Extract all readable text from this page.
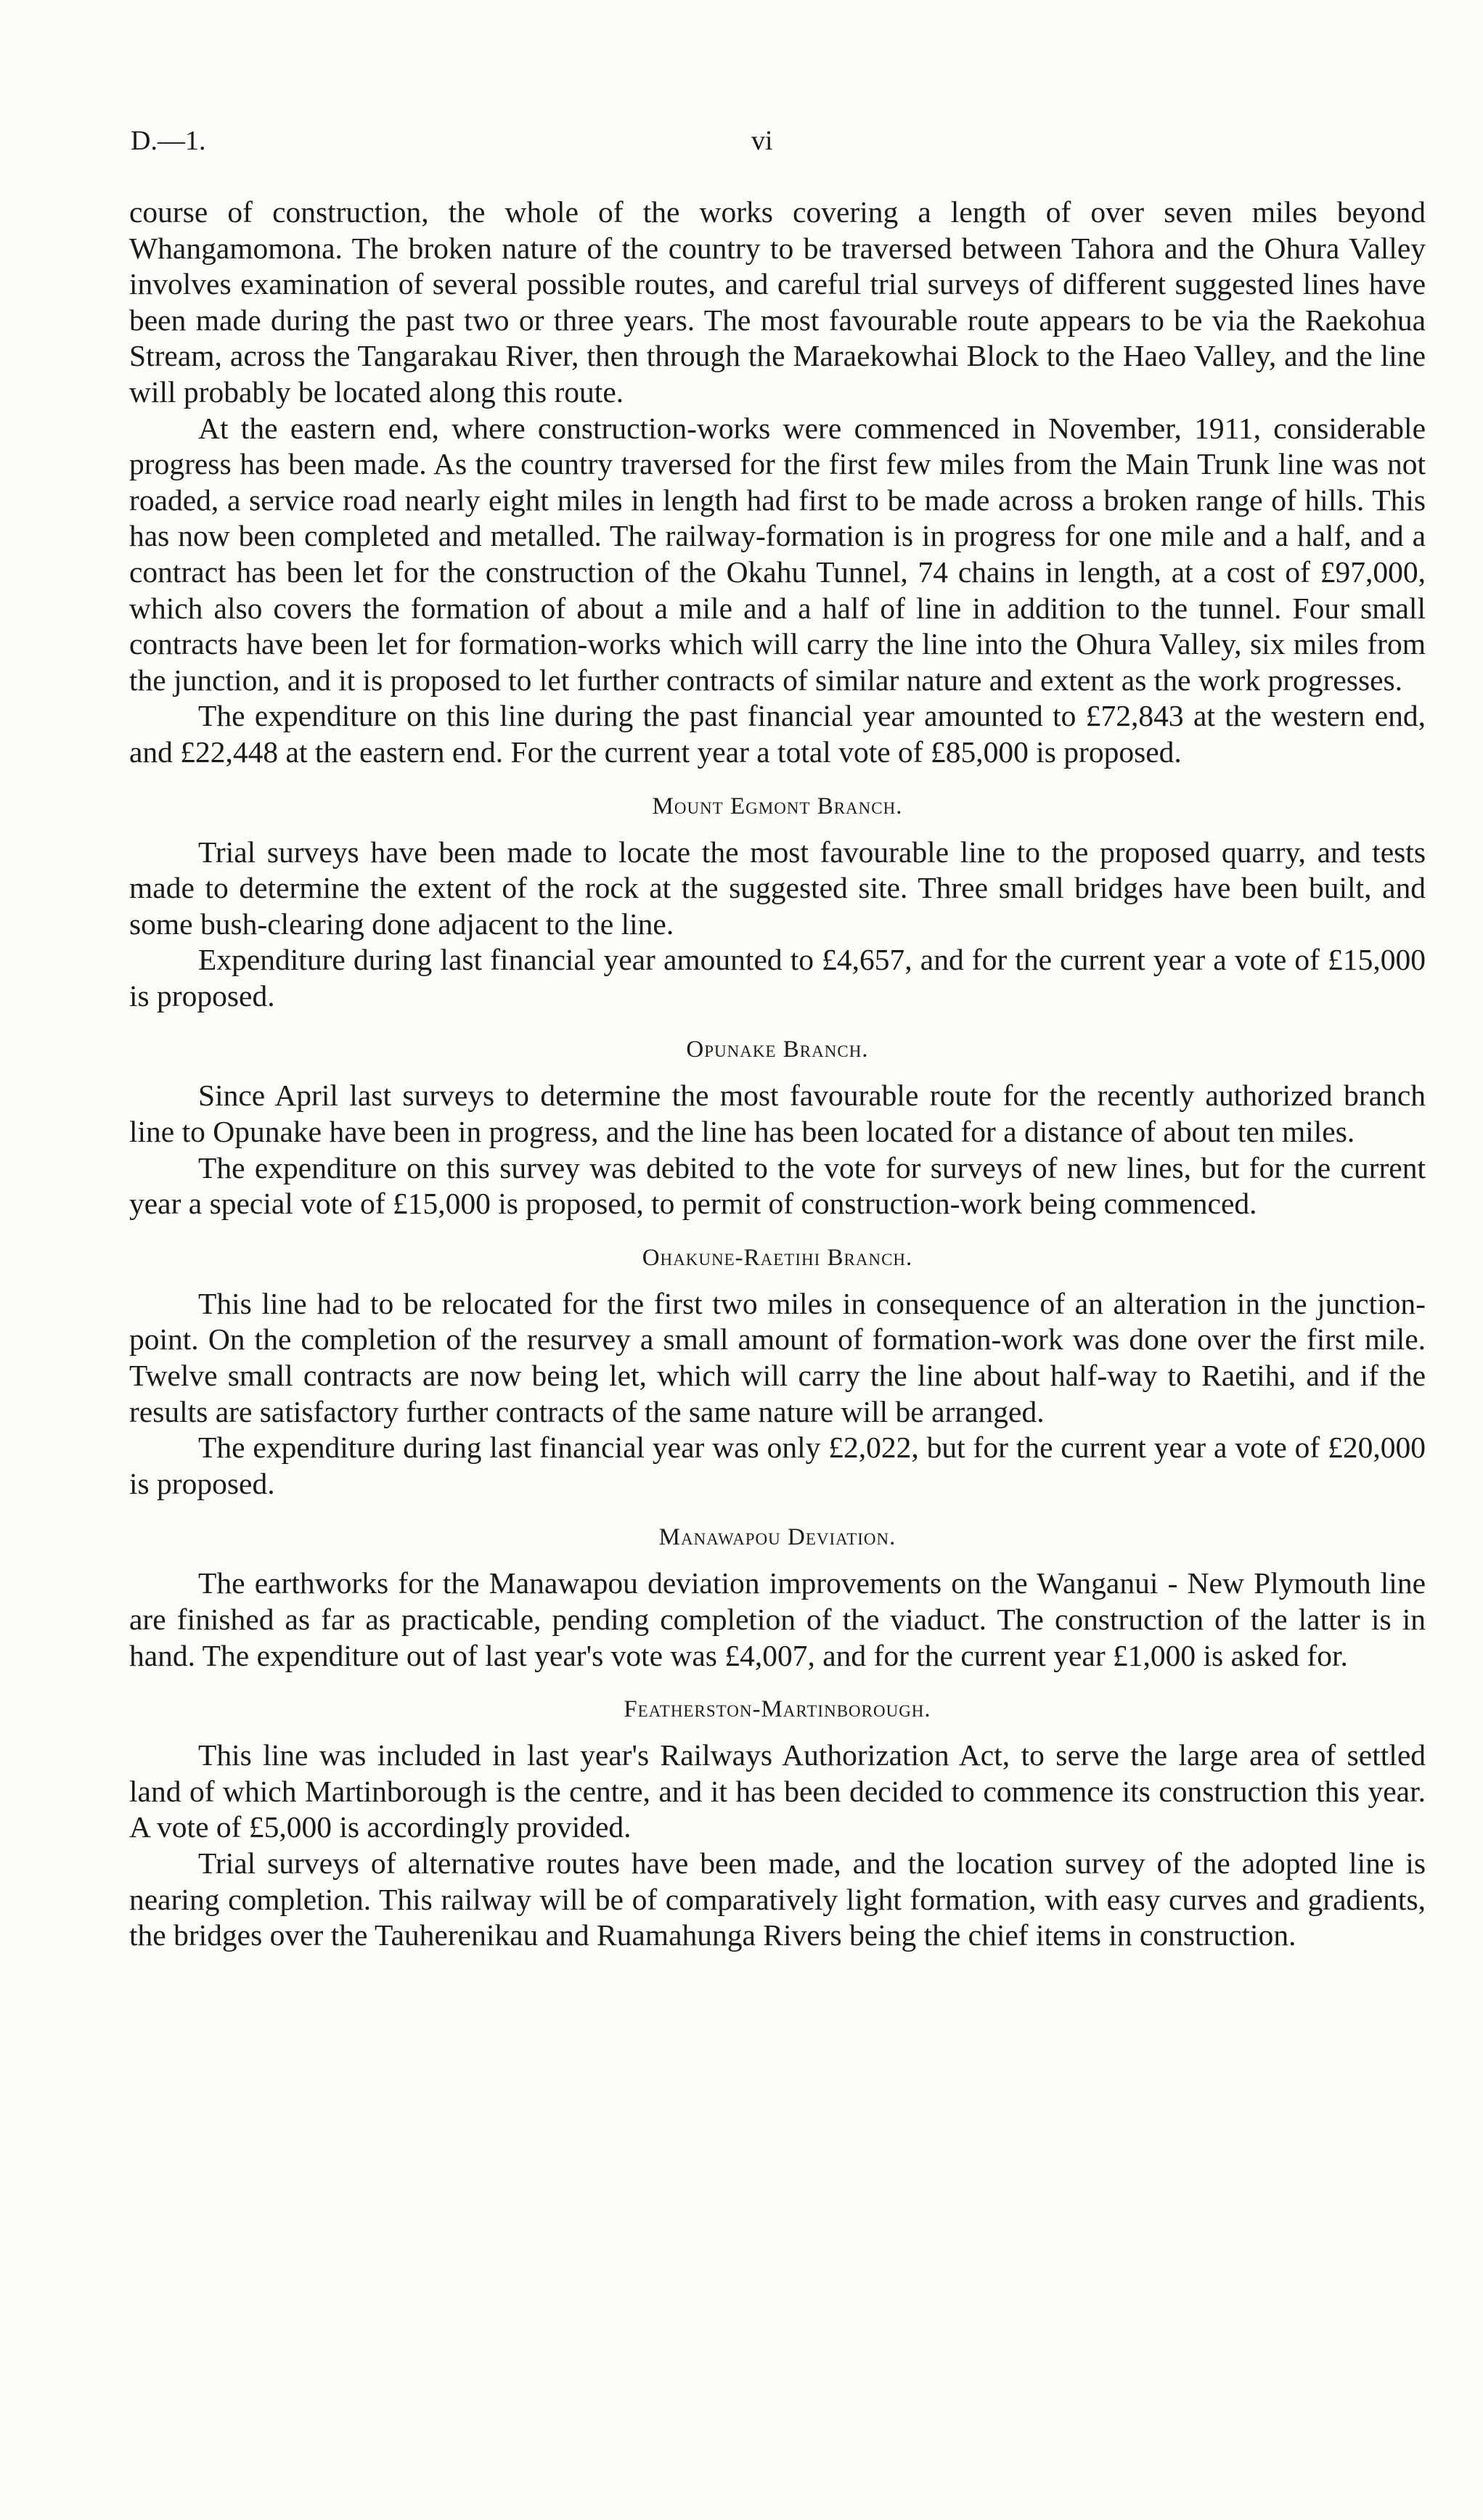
D.—1.	vi

course of construction, the whole of the works covering a length of over seven miles beyond Whangamomona. The broken nature of the country to be traversed between Tahora and the Ohura Valley involves examination of several possible routes, and careful trial surveys of different suggested lines have been made during the past two or three years. The most favourable route appears to be via the Raekohua Stream, across the Tangarakau River, then through the Maraekowhai Block to the Haeo Valley, and the line will probably be located along this route.

At the eastern end, where construction-works were commenced in November, 1911, considerable progress has been made. As the country traversed for the first few miles from the Main Trunk line was not roaded, a service road nearly eight miles in length had first to be made across a broken range of hills. This has now been completed and metalled. The railway-formation is in progress for one mile and a half, and a contract has been let for the construction of the Okahu Tunnel, 74 chains in length, at a cost of £97,000, which also covers the formation of about a mile and a half of line in addition to the tunnel. Four small contracts have been let for formation-works which will carry the line into the Ohura Valley, six miles from the junction, and it is proposed to let further contracts of similar nature and extent as the work progresses.

The expenditure on this line during the past financial year amounted to £72,843 at the western end, and £22,448 at the eastern end. For the current year a total vote of £85,000 is proposed.

Mount Egmont Branch.

Trial surveys have been made to locate the most favourable line to the proposed quarry, and tests made to determine the extent of the rock at the suggested site. Three small bridges have been built, and some bush-clearing done adjacent to the line.

Expenditure during last financial year amounted to £4,657, and for the current year a vote of £15,000 is proposed.

Opunake Branch.

Since April last surveys to determine the most favourable route for the recently authorized branch line to Opunake have been in progress, and the line has been located for a distance of about ten miles.

The expenditure on this survey was debited to the vote for surveys of new lines, but for the current year a special vote of £15,000 is proposed, to permit of construction-work being commenced.

Ohakune-Raetihi Branch.

This line had to be relocated for the first two miles in consequence of an alteration in the junction-point. On the completion of the resurvey a small amount of formation-work was done over the first mile. Twelve small contracts are now being let, which will carry the line about half-way to Raetihi, and if the results are satisfactory further contracts of the same nature will be arranged.

The expenditure during last financial year was only £2,022, but for the current year a vote of £20,000 is proposed.

Manawapou Deviation.

The earthworks for the Manawapou deviation improvements on the Wanganui - New Plymouth line are finished as far as practicable, pending completion of the viaduct. The construction of the latter is in hand. The expenditure out of last year's vote was £4,007, and for the current year £1,000 is asked for.

Featherston-Martinborough.

This line was included in last year's Railways Authorization Act, to serve the large area of settled land of which Martinborough is the centre, and it has been decided to commence its construction this year. A vote of £5,000 is accordingly provided.

Trial surveys of alternative routes have been made, and the location survey of the adopted line is nearing completion. This railway will be of comparatively light formation, with easy curves and gradients, the bridges over the Tauherenikau and Ruamahunga Rivers being the chief items in construction.
